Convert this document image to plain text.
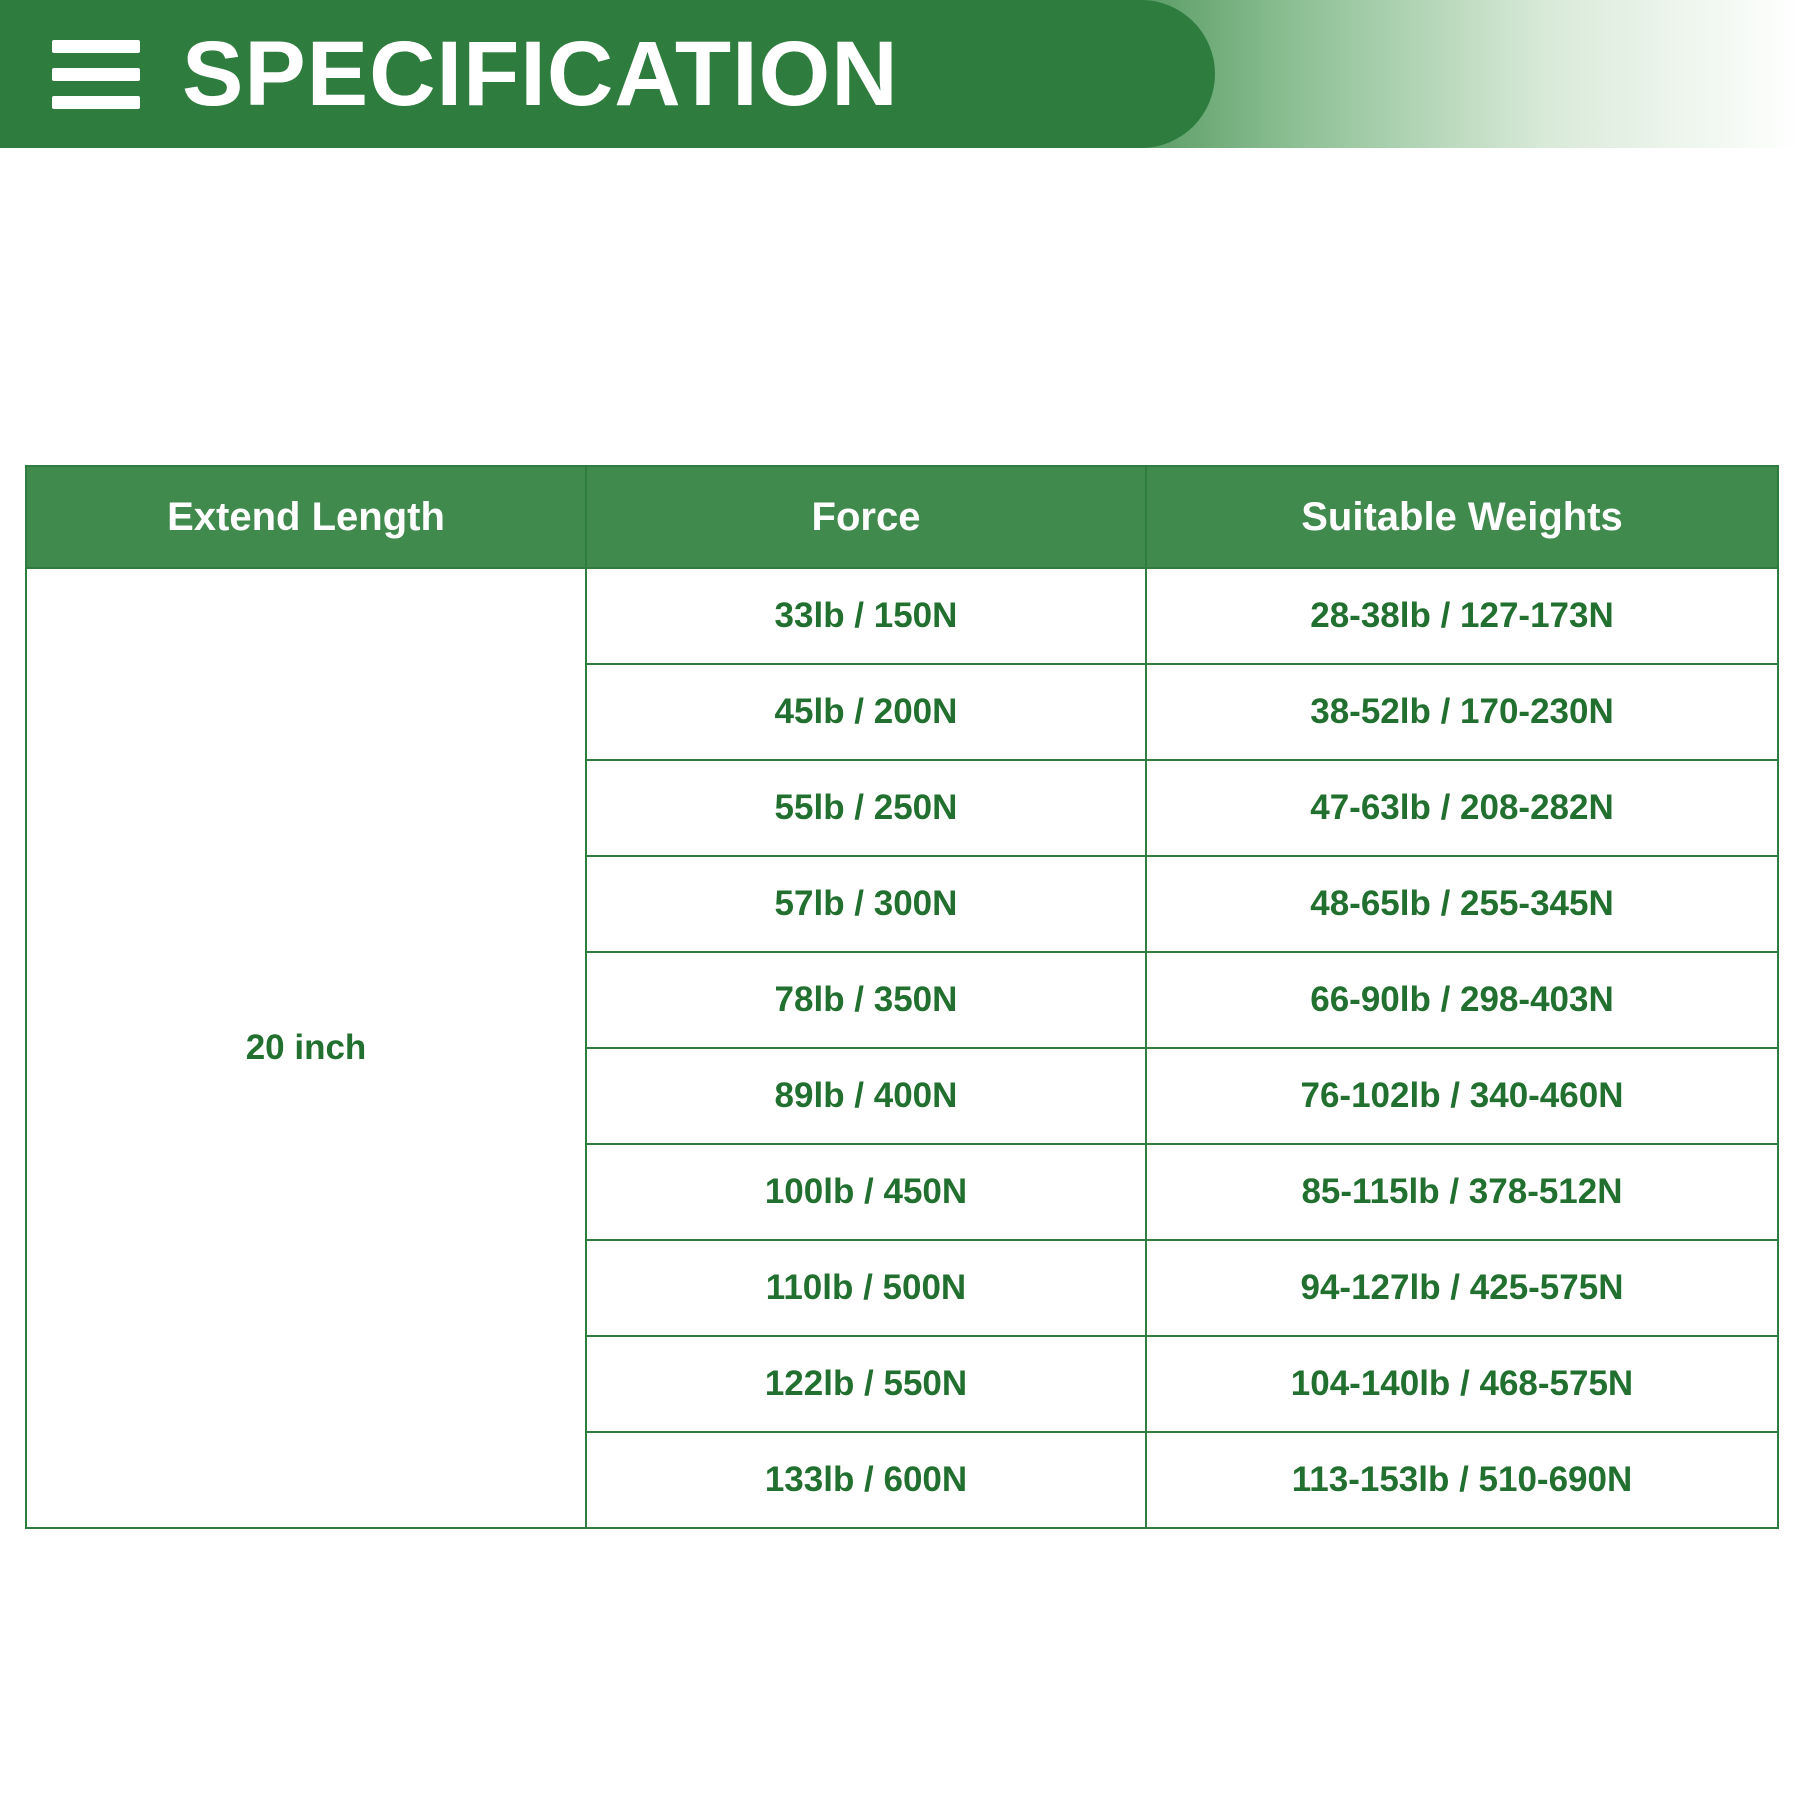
SPECIFICATION
Extend Length	Force	Suitable Weights
20 inch	33lb / 150N	28-38lb / 127-173N
	45lb / 200N	38-52lb / 170-230N
	55lb / 250N	47-63lb / 208-282N
	57lb / 300N	48-65lb / 255-345N
	78lb / 350N	66-90lb / 298-403N
	89lb / 400N	76-102lb / 340-460N
	100lb / 450N	85-115lb / 378-512N
	110lb / 500N	94-127lb / 425-575N
	122lb / 550N	104-140lb / 468-575N
	133lb / 600N	113-153lb / 510-690N
